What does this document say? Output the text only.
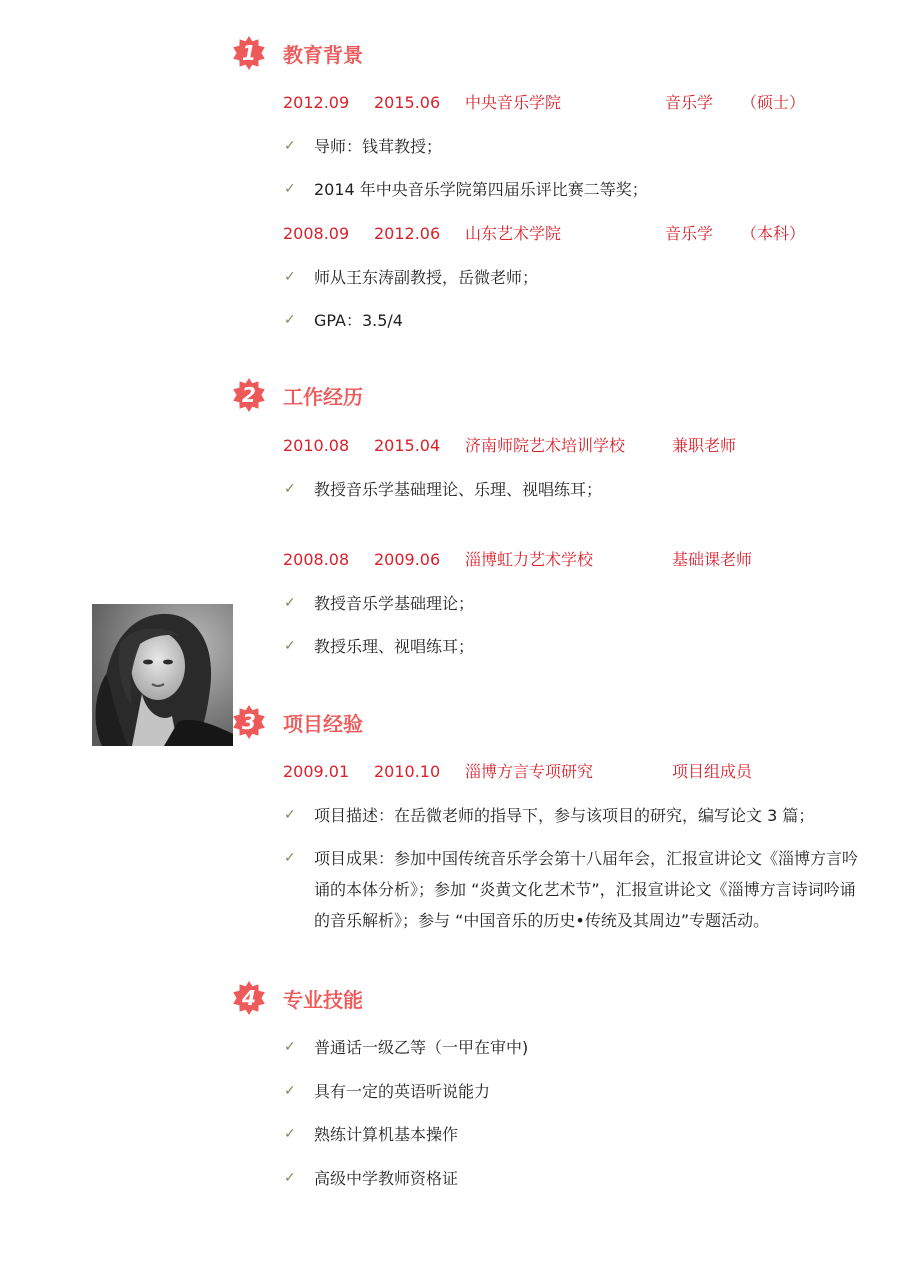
1	教育背景
2012.09 2015.06 中央音乐学院	音乐学 （硕士）
✓ 导师：钱茸教授；
✓ 2014 年中央音乐学院第四届乐评比赛二等奖；
2008.09 2012.06 山东艺术学院	音乐学 （本科）
✓ 师从王东涛副教授，岳微老师；
✓ GPA：3.5/4
2	工作经历
2010.08 2015.04 济南师院艺术培训学校	兼职老师
✓ 教授音乐学基础理论、乐理、视唱练耳；
2008.08 2009.06 淄博虹力艺术学校	基础课老师
✓ 教授音乐学基础理论；
✓ 教授乐理、视唱练耳；
3	项目经验
2009.01 2010.10 淄博方言专项研究	项目组成员
✓ 项目描述：在岳微老师的指导下，参与该项目的研究，编写论文 3 篇；
✓ 项目成果：参加中国传统音乐学会第十八届年会，汇报宣讲论文《淄博方言吟诵的本体分析》；参加 “炎黄文化艺术节”，汇报宣讲论文《淄博方言诗词吟诵的音乐解析》；参与 “中国音乐的历史•传统及其周边”专题活动。
4	专业技能
✓ 普通话一级乙等（一甲在审中)
✓ 具有一定的英语听说能力
✓ 熟练计算机基本操作
✓ 高级中学教师资格证
